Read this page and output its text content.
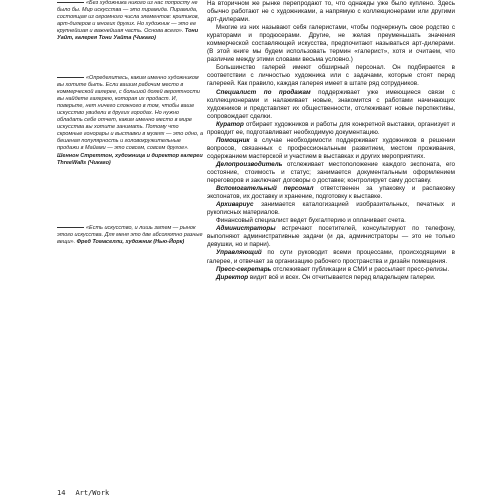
«Без художника никого из нас попросту не было бы. Мир искусства — это пирамида. Пирамида, состоящая из огромного числа элементов: критиков, арт-дилеров и многих других. Но художник — это ее крупнейшая и важнейшая часть. Основа всего». Тони Уайт, галерея Тони Уайта (Чикаго)

«Определитесь, каким именно художником вы хотите быть. Если вашим рабочим место в коммерческой галерее, с большой долей вероятности вы найдете галерею, которая их продаст. И, поверьте, нет ничего сложного в том, чтобы ваше искусство увидели в других городах. Но нужно обладать себе отчет, каким именно место в мире искусства вы хотите занимать. Потому что скромные гонорары и выставки в музеях — это одно, а бешеная популярность и головокружительные продажи в Майами — это совсем, совсем другое». Шеннон Стреттон, художница и директор галереи ThreeWalls (Чикаго)

«Есть искусство, и лишь затем — рынок этого искусства. Для меня это две абсолютно разные вещи». Фред Томаселли, художник (Нью-Йорк)

На вторичном же рынке перепродают то, что однажды уже было куплено. Здесь обычно работают не с художниками, а напрямую с коллекционерами или другими арт-дилерами.

Многие из них называют себя галеристами, чтобы подчеркнуть свое родство с кураторами и продюсерами. Другие, не желая преуменьшать значения коммерческой составляющей искусства, предпочитают называться арт-дилерами. (В этой книге мы будем использовать термин «галерист», хотя и считаем, что различие между этими словами весьма условно.)

Большинство галерей имеют обширный персонал. Он подбирается в соответствии с личностью художника или с задачами, которые стоят перед галереей. Как правило, каждая галерея имеет в штате ряд сотрудников.

Специалист по продажам поддерживает уже имеющиеся связи с коллекционерами и налаживает новые, знакомится с работами начинающих художников и представляет их общественности, отслеживает новые перспективы, сопровождает сделки.

Куратор отбирает художников и работы для конкретной выставки, организует и проводит ее, подготавливает необходимую документацию.

Помощник в случае необходимости поддерживает художников в решении вопросов, связанных с профессиональным развитием, местом проживания, содержанием мастерской и участием в выставках и других мероприятиях.

Делопроизводитель отслеживает местоположение каждого экспоната, его состояние, стоимость и статус; занимается документальным оформлением переговоров и заключает договоры о доставке; контролирует саму доставку.

Вспомогательный персонал ответственен за упаковку и распаковку экспонатов, их доставку и хранение, подготовку к выставке.

Архивариус занимается каталогизацией изобразительных, печатных и рукописных материалов.

Финансовый специалист ведет бухгалтерию и оплачивает счета.

Администраторы встречают посетителей, консультируют по телефону, выполняют административные задачи (и да, администраторы — это не только девушки, но и парни).

Управляющий по сути руководит всеми процессами, происходящими в галерее, и отвечает за организацию рабочего пространства и дизайн помещения.

Пресс-секретарь отслеживает публикации в СМИ и рассылает пресс-релизы.

Директор видит всё и всех. Он отчитывается перед владельцем галереи.

14 Art/Work
